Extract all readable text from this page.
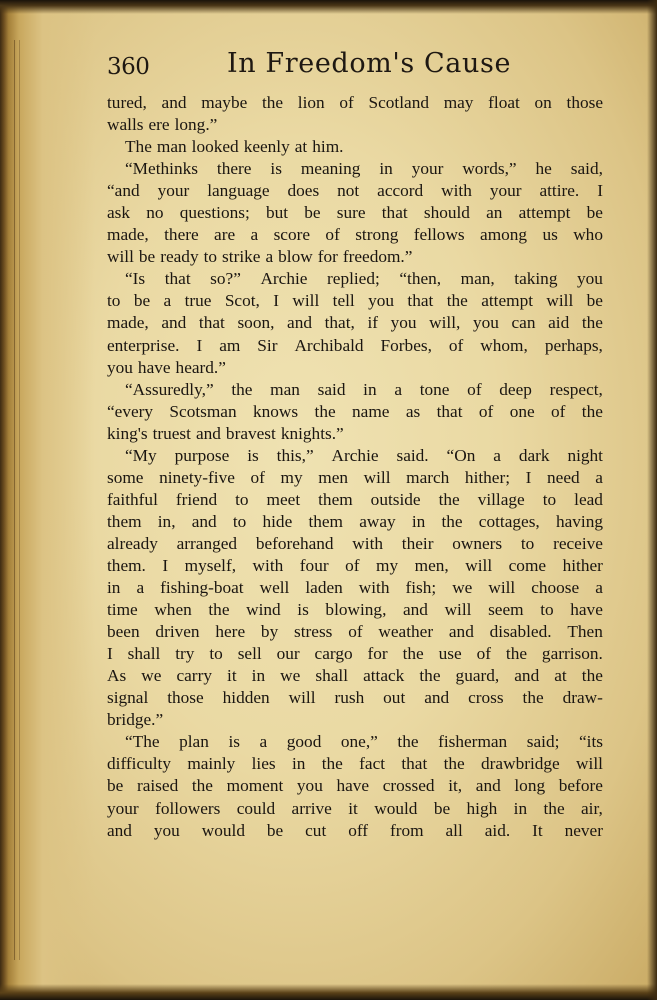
360	In Freedom's Cause
tured, and maybe the lion of Scotland may float on those
walls ere long.”
The man looked keenly at him.
“Methinks there is meaning in your words,” he said,
“and your language does not accord with your attire. I
ask no questions; but be sure that should an attempt be
made, there are a score of strong fellows among us who
will be ready to strike a blow for freedom.”
“Is that so?” Archie replied; “then, man, taking you
to be a true Scot, I will tell you that the attempt will be
made, and that soon, and that, if you will, you can aid the
enterprise. I am Sir Archibald Forbes, of whom, perhaps,
you have heard.”
“Assuredly,” the man said in a tone of deep respect,
“every Scotsman knows the name as that of one of the
king's truest and bravest knights.”
“My purpose is this,” Archie said. “On a dark night
some ninety-five of my men will march hither; I need a
faithful friend to meet them outside the village to lead
them in, and to hide them away in the cottages, having
already arranged beforehand with their owners to receive
them. I myself, with four of my men, will come hither
in a fishing-boat well laden with fish; we will choose a
time when the wind is blowing, and will seem to have
been driven here by stress of weather and disabled. Then
I shall try to sell our cargo for the use of the garrison.
As we carry it in we shall attack the guard, and at the
signal those hidden will rush out and cross the draw-
bridge.”
“The plan is a good one,” the fisherman said; “its
difficulty mainly lies in the fact that the drawbridge will
be raised the moment you have crossed it, and long before
your followers could arrive it would be high in the air,
and you would be cut off from all aid. It never
